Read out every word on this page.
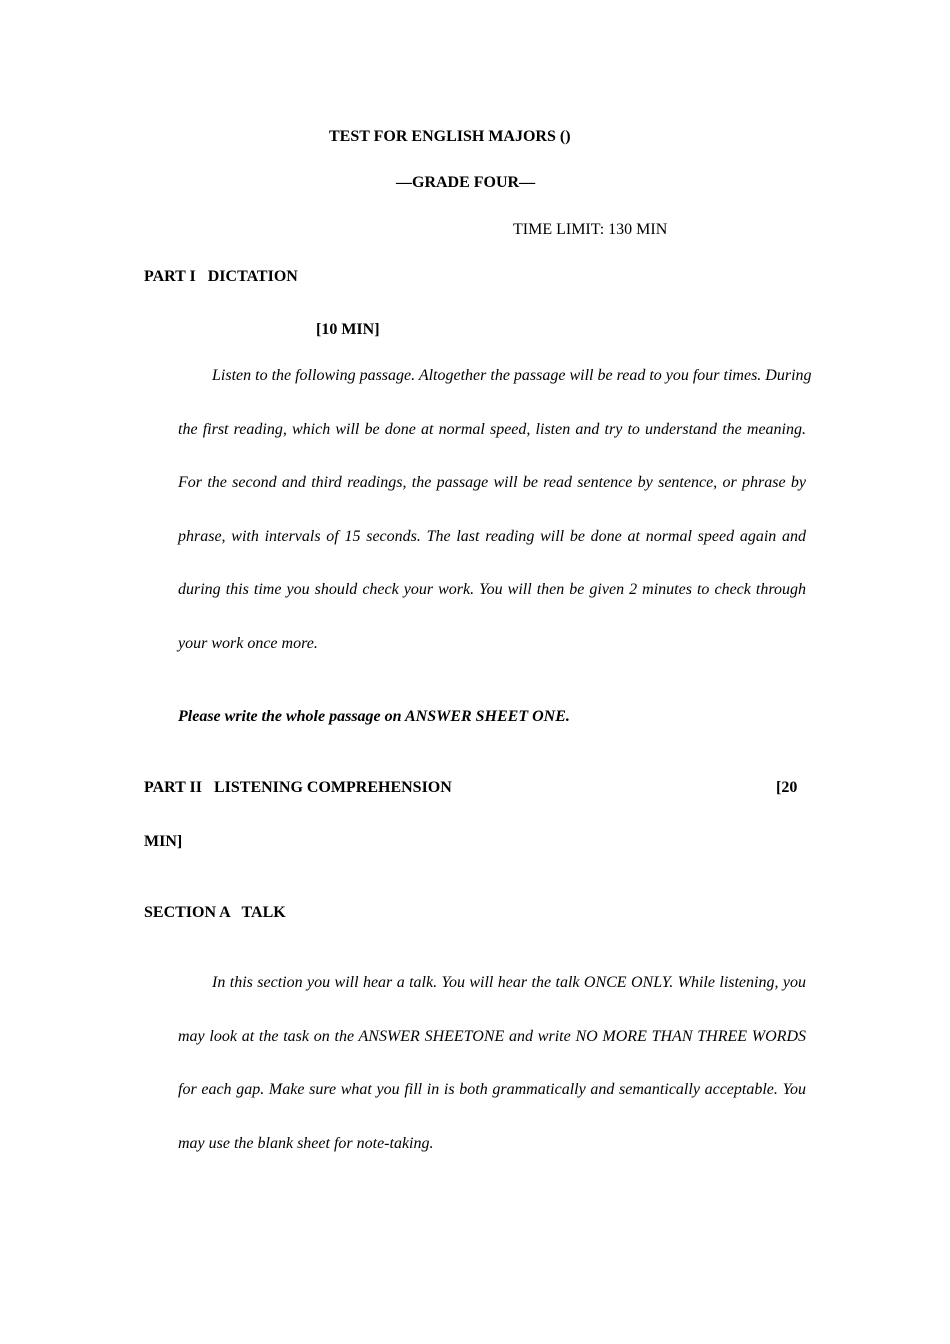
TEST FOR ENGLISH MAJORS ()
—GRADE FOUR—
TIME LIMIT: 130 MIN
PART I   DICTATION
[10 MIN]
Listen to the following passage. Altogether the passage will be read to you four times. During
the first reading, which will be done at normal speed, listen and try to understand the meaning.
For the second and third readings, the passage will be read sentence by sentence, or phrase by
phrase, with intervals of 15 seconds. The last reading will be done at normal speed again and
during this time you should check your work. You will then be given 2 minutes to check through
your work once more.
Please write the whole passage on ANSWER SHEET ONE.
PART II   LISTENING COMPREHENSION	[20
MIN]
SECTION A   TALK
In this section you will hear a talk. You will hear the talk ONCE ONLY. While listening, you
may look at the task on the ANSWER SHEETONE and write NO MORE THAN THREE WORDS
for each gap. Make sure what you fill in is both grammatically and semantically acceptable. You
may use the blank sheet for note-taking.
